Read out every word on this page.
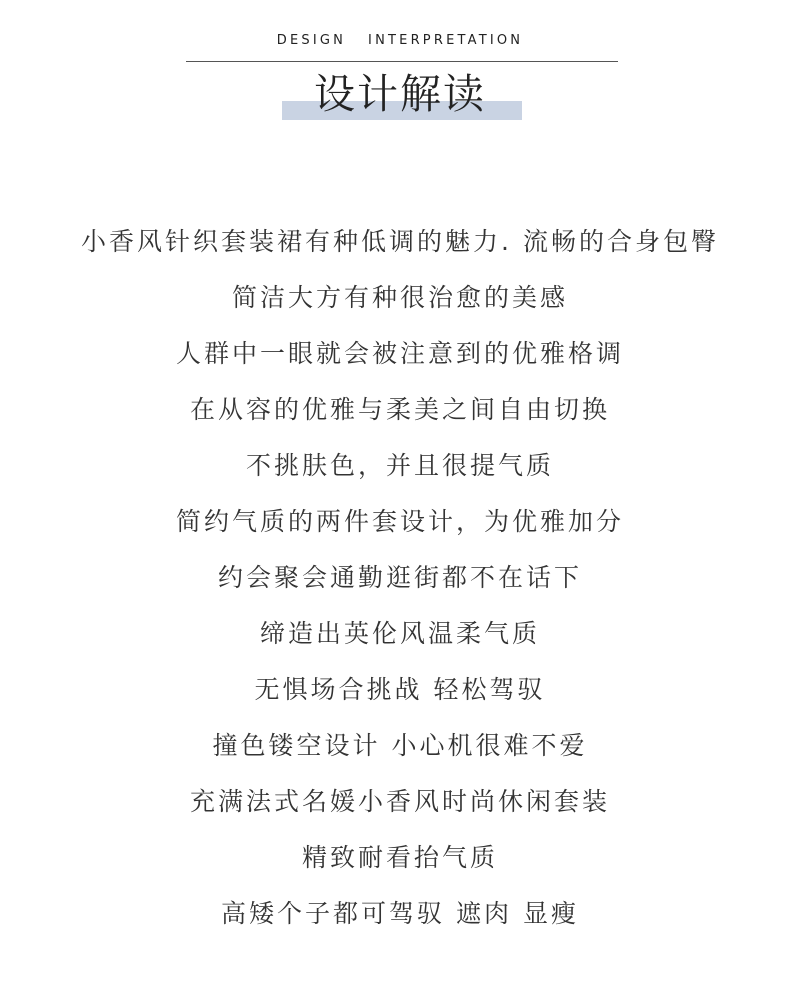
DESIGN   INTERPRETATION
设计解读
小香风针织套装裙有种低调的魅力. 流畅的合身包臀
简洁大方有种很治愈的美感
人群中一眼就会被注意到的优雅格调
在从容的优雅与柔美之间自由切换
不挑肤色，并且很提气质
简约气质的两件套设计，为优雅加分
约会聚会通勤逛街都不在话下
缔造出英伦风温柔气质
无惧场合挑战 轻松驾驭
撞色镂空设计 小心机很难不爱
充满法式名媛小香风时尚休闲套装
精致耐看抬气质
高矮个子都可驾驭 遮肉 显瘦
